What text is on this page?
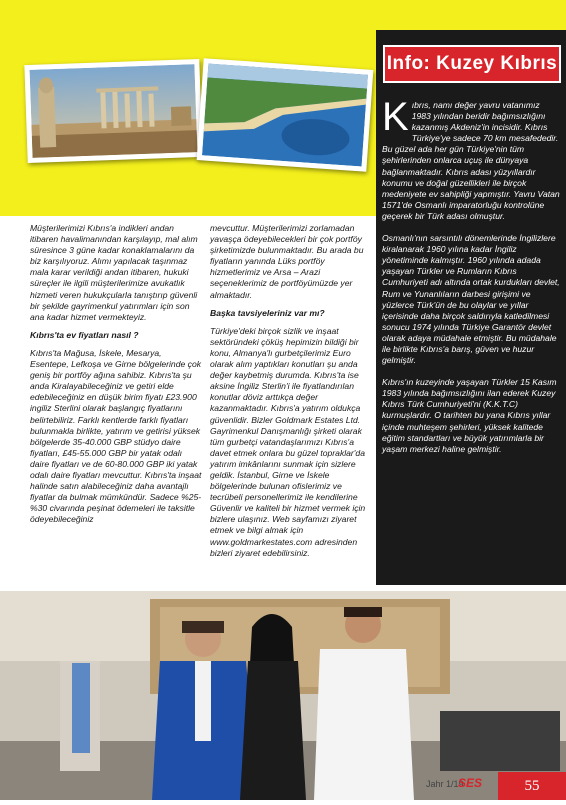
Müşterilerimizi Kıbrıs'a indikleri andan itibaren havalimanından karşılayıp, mal alım süresince 3 güne kadar konaklamalarını da biz karşılıyoruz. Alımı yapılacak taşınmaz mala karar verildiği andan itibaren, hukuki süreçler ile ilgili müşterilerimize avukatlık hizmeti veren hukukçularla tanıştırıp güvenli bir şekilde gayrimenkul yatırımları için son ana kadar hizmet vermekteyiz.

Kıbrıs'ta ev fiyatları nasıl ?

Kıbrıs'ta Mağusa, İskele, Mesarya, Esentepe, Lefkoşa ve Girne bölgelerinde çok geniş bir portföy ağına sahibiz. Kıbrıs'ta şu anda Kiralayabileceğiniz ve getiri elde edebileceğiniz en düşük birim fiyatı £23.900 ingiliz Sterlini olarak başlangıç fiyatlarını belirtebiliriz. Farklı kentlerde farklı fiyatları bulunmakla birlikte, yatırım ve getirisi yüksek bölgelerde 35-40.000 GBP stüdyo daire fiyatları, £45-55.000 GBP bir yatak odalı daire fiyatları ve de 60-80.000 GBP iki yatak odalı daire fiyatları mevcuttur. Kıbrıs'ta inşaat halinde satın alabileceğiniz daha avantajlı fiyatlar da bulmak mümkündür. Sadece %25-%30 civarında peşinat ödemeleri ile taksitle ödeyebileceğiniz

mevcuttur. Müşterilerimizi zorlamadan yavaşça ödeyebilecekleri bir çok portföy şirketimizde bulunmaktadır. Bu arada bu fiyatların yanında Lüks portföy hizmetlerimiz ve Arsa – Arazi seçeneklerimiz de portföyümüzde yer almaktadır.

Başka tavsiyeleriniz var mı?

Türkiye'deki birçok sizlik ve inşaat sektöründeki çöküş hepimizin bildiği bir konu, Almanya'lı gurbetçilerimiz Euro olarak alım yaptıkları konutları şu anda değer kaybetmiş durumda. Kıbrıs'ta ise aksine İngiliz Sterlin'i ile fiyatlandırılan konutlar döviz arttıkça değer kazanmaktadır. Kıbrıs'a yatırım oldukça güvenlidir. Bizler Goldmark Estates Ltd. Gayrimenkul Danışmanlığı şirketi olarak tüm gurbetçi vatandaşlarımızı Kıbrıs'a davet etmek onlara bu güzel topraklar'da yatırım imkânlarını sunmak için sizlere geldik. İstanbul, Girne ve İskele bölgelerinde bulunan ofislerimiz ve tecrübeli personellerimiz ile kendilerine Güvenlir ve kaliteli bir hizmet vermek için bizlere ulaşınız. Web sayfamızı ziyaret etmek ve bilgi almak için www.goldmarkestates.com adresinden bizleri ziyaret edebilirsiniz.

Info: Kuzey Kıbrıs

Kıbrıs, namı değer yavru vatanımız 1983 yılından beridir bağımsızlığını kazanmış Akdeniz'in incisidir. Kıbrıs Türkiye'ye sadece 70 km mesafededir. Bu güzel ada her gün Türkiye'nin tüm şehirlerinden onlarca uçuş ile dünyaya bağlanmaktadır. Kıbrıs adası yüzyıllardır konumu ve doğal güzellikleri ile birçok medeniyete ev sahipliği yapmıştır. Yavru Vatan 1571'de Osmanlı imparatorluğu kontrolüne geçerek bir Türk adası olmuştur.

Osmanlı'nın sarsıntılı dönemlerinde İngilizlere kiralanarak 1960 yılına kadar İngiliz yönetiminde kalmıştır. 1960 yılında adada yaşayan Türkler ve Rumların Kıbrıs Cumhuriyeti adı altında ortak kurdukları devlet, Rum ve Yunanlıların darbesi girişimi ve yüzlerce Türk'ün de bu olaylar ve yıllar içerisinde daha birçok saldırıyla katledilmesi sonucu 1974 yılında Türkiye Garantör devlet olarak adaya müdahale etmiştir. Bu müdahale ile birlikte Kıbrıs'a barış, güven ve huzur gelmiştir.

Kıbrıs'ın kuzeyinde yaşayan Türkler 15 Kasım 1983 yılında bağımsızlığını ilan ederek Kuzey Kıbrıs Türk Cumhuriyeti'ni (K.K.T.C) kurmuşlardır. O tarihten bu yana Kıbrıs yıllar içinde muhteşem şehirleri, yüksek kalitede eğitim standartları ve büyük yatırımlarla bir yaşam merkezi haline gelmiştir.

Jahr 1/19
SES	55
